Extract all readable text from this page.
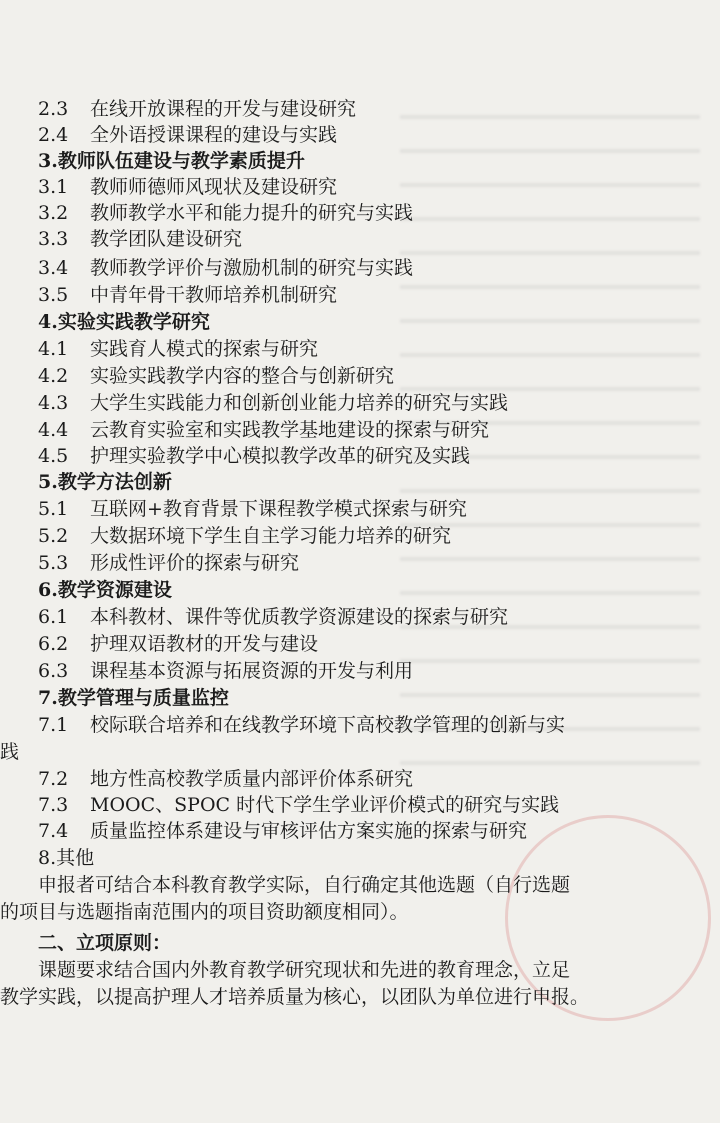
2.3 在线开放课程的开发与建设研究
2.4 全外语授课课程的建设与实践
3.教师队伍建设与教学素质提升
3.1 教师师德师风现状及建设研究
3.2 教师教学水平和能力提升的研究与实践
3.3 教学团队建设研究
3.4 教师教学评价与激励机制的研究与实践
3.5 中青年骨干教师培养机制研究
4.实验实践教学研究
4.1 实践育人模式的探索与研究
4.2 实验实践教学内容的整合与创新研究
4.3 大学生实践能力和创新创业能力培养的研究与实践
4.4 云教育实验室和实践教学基地建设的探索与研究
4.5 护理实验教学中心模拟教学改革的研究及实践
5.教学方法创新
5.1 互联网+教育背景下课程教学模式探索与研究
5.2 大数据环境下学生自主学习能力培养的研究
5.3 形成性评价的探索与研究
6.教学资源建设
6.1 本科教材、课件等优质教学资源建设的探索与研究
6.2 护理双语教材的开发与建设
6.3 课程基本资源与拓展资源的开发与利用
7.教学管理与质量监控
7.1 校际联合培养和在线教学环境下高校教学管理的创新与实
践
7.2 地方性高校教学质量内部评价体系研究
7.3 MOOC、SPOC 时代下学生学业评价模式的研究与实践
7.4 质量监控体系建设与审核评估方案实施的探索与研究
8.其他
申报者可结合本科教育教学实际，自行确定其他选题（自行选题
的项目与选题指南范围内的项目资助额度相同）。
二、立项原则：
课题要求结合国内外教育教学研究现状和先进的教育理念，立足
教学实践，以提高护理人才培养质量为核心，以团队为单位进行申报。
